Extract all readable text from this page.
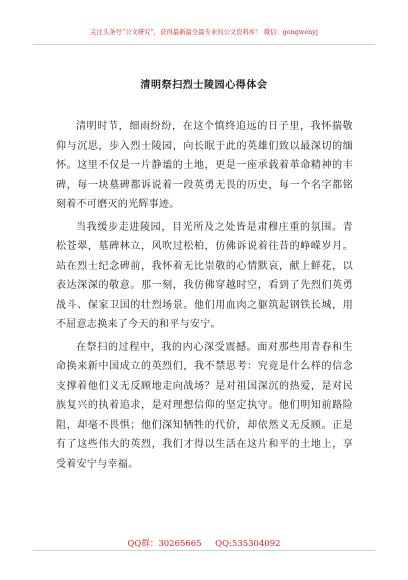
关注头条号“公文研究”，获得最新最全最专业的公文资料库！ 微信：gongwenyj
清明祭扫烈士陵园心得体会

清明时节，细雨纷纷，在这个慎终追远的日子里，我怀揣敬仰与沉思，步入烈士陵园，向长眠于此的英雄们致以最深切的缅怀。这里不仅是一片静谧的土地，更是一座承载着革命精神的丰碑，每一块墓碑都诉说着一段英勇无畏的历史，每一个名字都铭刻着不可磨灭的光辉事迹。

当我缓步走进陵园，目光所及之处皆是肃穆庄重的氛围。青松苍翠，墓碑林立，风吹过松柏，仿佛诉说着往昔的峥嵘岁月。站在烈士纪念碑前，我怀着无比崇敬的心情默哀，献上鲜花，以表达深深的敬意。那一刻，我仿佛穿越时空，看到了先烈们英勇战斗、保家卫国的壮烈场景。他们用血肉之躯筑起钢铁长城，用不屈意志换来了今天的和平与安宁。

在祭扫的过程中，我的内心深受震撼。面对那些用青春和生命换来新中国成立的英烈们，我不禁思考：究竟是什么样的信念支撑着他们义无反顾地走向战场？是对祖国深沉的热爱，是对民族复兴的执着追求，是对理想信仰的坚定执守。他们明知前路险阻，却毫不畏惧；他们深知牺牲的代价，却依然义无反顾。正是有了这些伟大的英烈，我们才得以生活在这片和平的土地上，享受着安宁与幸福。

QQ群：30265665     QQ:535304092
